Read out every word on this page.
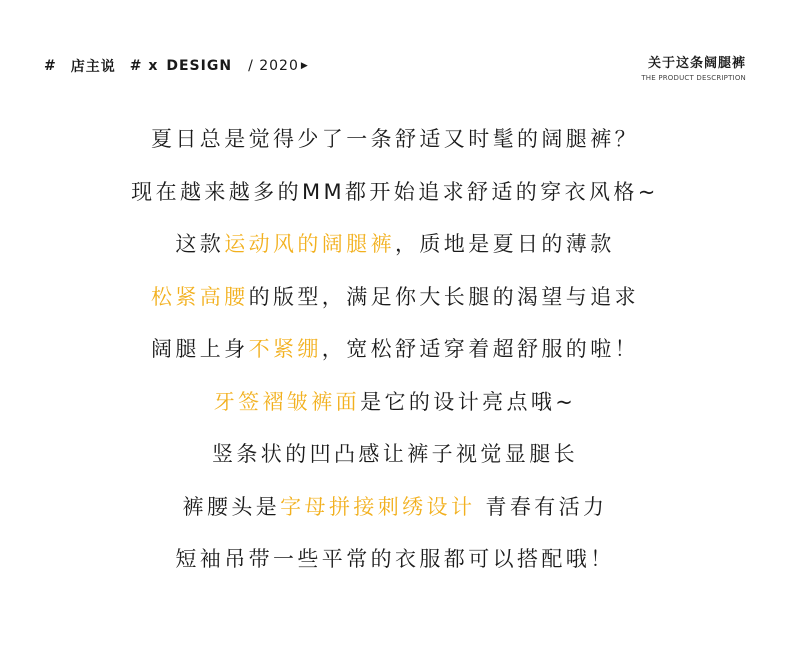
# 店主说 # x DESIGN / 2020 ▶	关于这条阔腿裤
THE PRODUCT DESCRIPTION
夏日总是觉得少了一条舒适又时髦的阔腿裤？
现在越来越多的MM都开始追求舒适的穿衣风格~
这款运动风的阔腿裤，质地是夏日的薄款
松紧高腰的版型，满足你大长腿的渴望与追求
阔腿上身不紧绷，宽松舒适穿着超舒服的啦！
牙签褶皱裤面是它的设计亮点哦~
竖条状的凹凸感让裤子视觉显腿长
裤腰头是字母拼接刺绣设计 青春有活力
短袖吊带一些平常的衣服都可以搭配哦！
